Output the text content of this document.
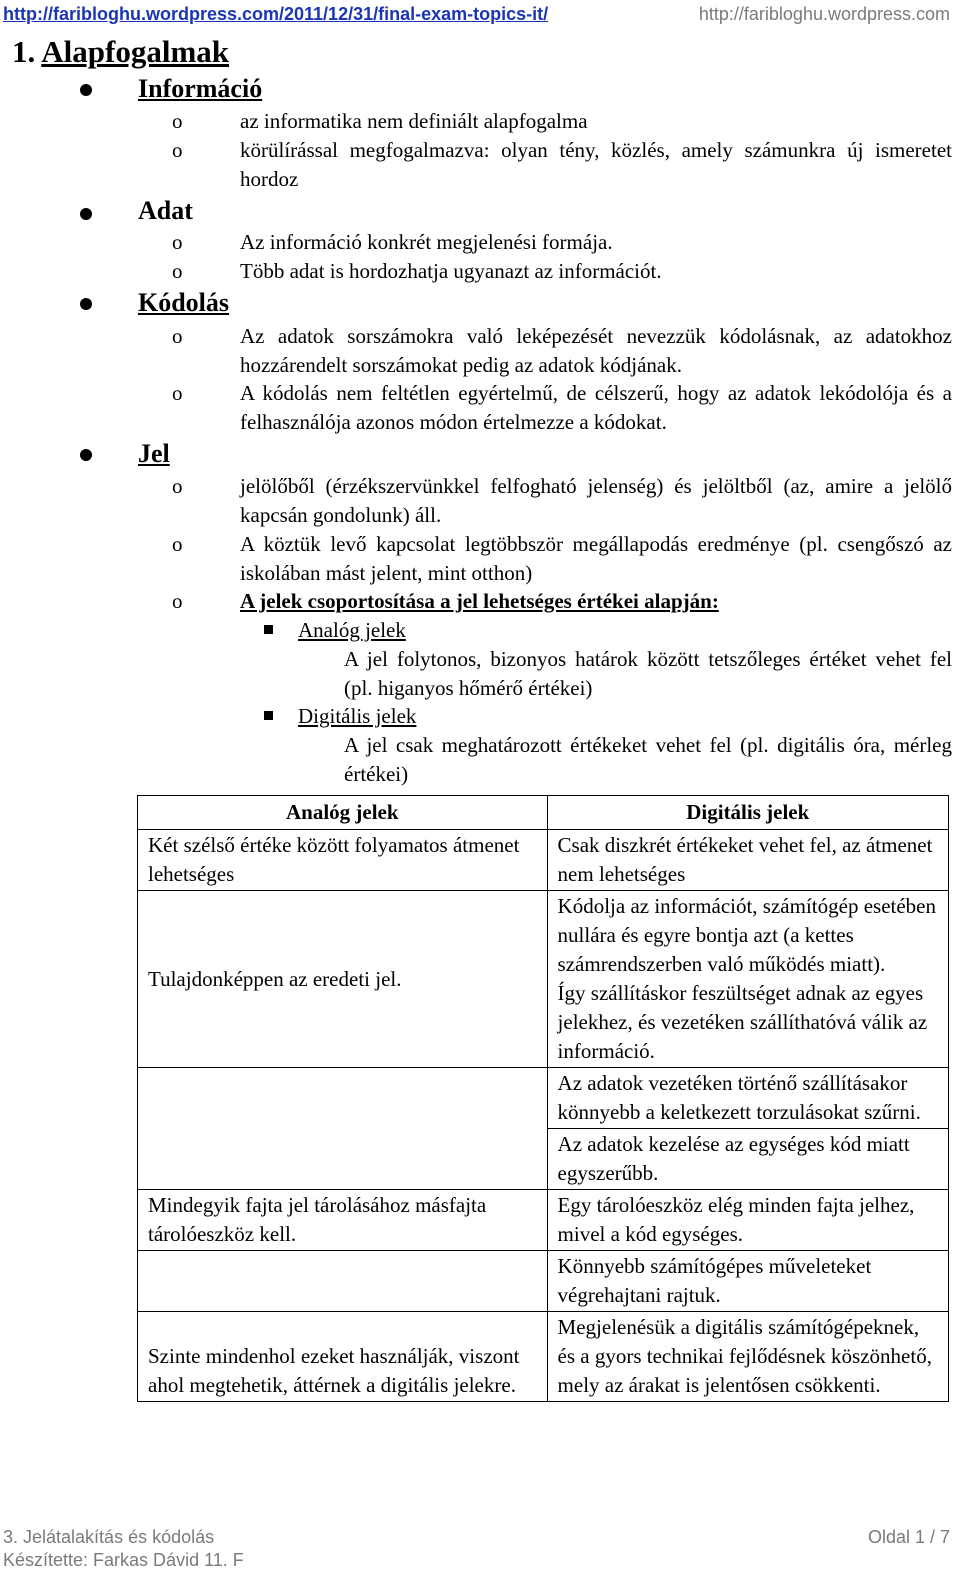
http://faribloghu.wordpress.com/2011/12/31/final-exam-topics-it/	http://faribloghu.wordpress.com
1. Alapfogalmak
Információ
o	az informatika nem definiált alapfogalma
o	körülírással megfogalmazva: olyan tény, közlés, amely számunkra új ismeretet hordoz
Adat
o	Az információ konkrét megjelenési formája.
o	Több adat is hordozhatja ugyanazt az információt.
Kódolás
o	Az adatok sorszámokra való leképezését nevezzük kódolásnak, az adatokhoz hozzárendelt sorszámokat pedig az adatok kódjának.
o	A kódolás nem feltétlen egyértelmű, de célszerű, hogy az adatok lekódolója és a felhasználója azonos módon értelmezze a kódokat.
Jel
o	jelölőből (érzékszervünkkel felfogható jelenség) és jelöltből (az, amire a jelölő kapcsán gondolunk) áll.
o	A köztük levő kapcsolat legtöbbször megállapodás eredménye (pl. csengőszó az iskolában mást jelent, mint otthon)
o	A jelek csoportosítása a jel lehetséges értékei alapján:
Analóg jelek
A jel folytonos, bizonyos határok között tetszőleges értéket vehet fel (pl. higanyos hőmérő értékei)
Digitális jelek
A jel csak meghatározott értékeket vehet fel (pl. digitális óra, mérleg értékei)
Analóg jelek	Digitális jelek
Két szélső értéke között folyamatos átmenet lehetséges	Csak diszkrét értékeket vehet fel, az átmenet nem lehetséges
Tulajdonképpen az eredeti jel.	Kódolja az információt, számítógép esetében nullára és egyre bontja azt (a kettes számrendszerben való működés miatt).
Így szállításkor feszültséget adnak az egyes jelekhez, és vezetéken szállíthatóvá válik az információ.

	Az adatok vezetéken történő szállításakor könnyebb a keletkezett torzulásokat szűrni.
	Az adatok kezelése az egységes kód miatt egyszerűbb.
Mindegyik fajta jel tárolásához másfajta tárolóeszköz kell.	Egy tárolóeszköz elég minden fajta jelhez, mivel a kód egységes.
	Könnyebb számítógépes műveleteket végrehajtani rajtuk.
Szinte mindenhol ezeket használják, viszont ahol megtehetik, áttérnek a digitális jelekre.	Megjelenésük a digitális számítógépeknek, és a gyors technikai fejlődésnek köszönhető, mely az árakat is jelentősen csökkenti.
3. Jelátalakítás és kódolás	Oldal 1 / 7
Készítette: Farkas Dávid 11. F
